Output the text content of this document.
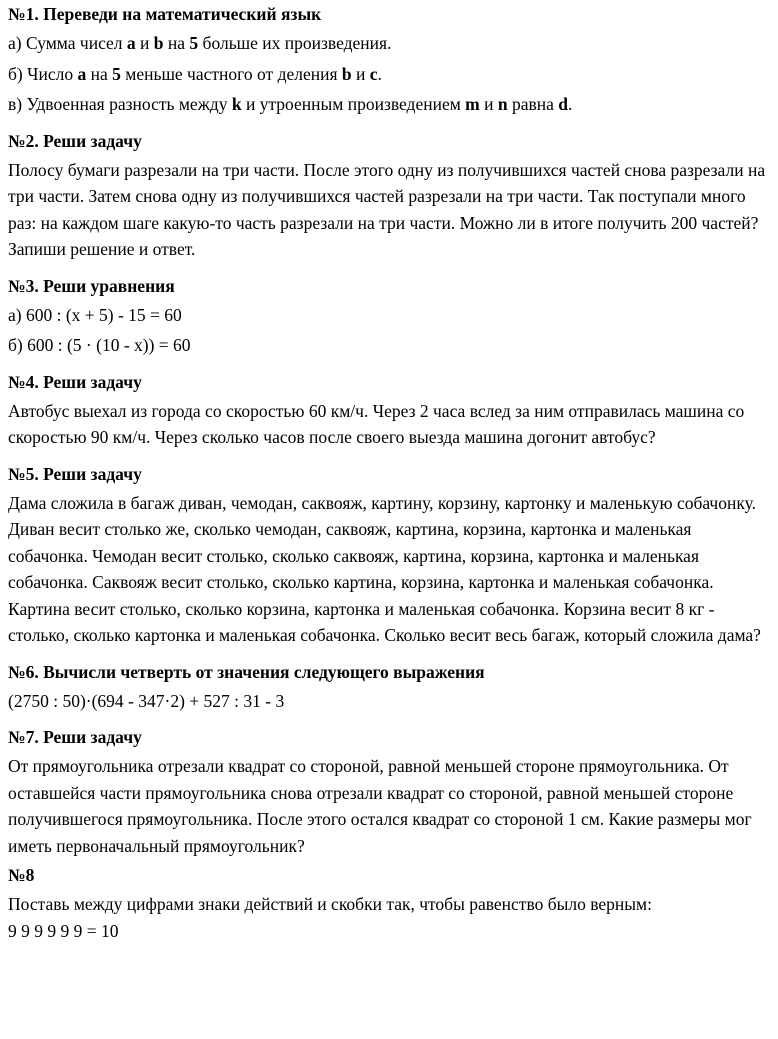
№1. Переведи на математический язык
а) Сумма чисел a и b на 5 больше их произведения.
б) Число a на 5 меньше частного от деления b и c.
в) Удвоенная разность между k и утроенным произведением m и n равна d.
№2. Реши задачу
Полосу бумаги разрезали на три части. После этого одну из получившихся частей снова разрезали на три части. Затем снова одну из получившихся частей разрезали на три части. Так поступали много раз: на каждом шаге какую-то часть разрезали на три части. Можно ли в итоге получить 200 частей? Запиши решение и ответ.
№3. Реши уравнения
а) 600 : (x + 5) - 15 = 60
б) 600 : (5 · (10 - x)) = 60
№4. Реши задачу
Автобус выехал из города со скоростью 60 км/ч. Через 2 часа вслед за ним отправилась машина со скоростью 90 км/ч. Через сколько часов после своего выезда машина догонит автобус?
№5. Реши задачу
Дама сложила в багаж диван, чемодан, саквояж, картину, корзину, картонку и маленькую собачонку. Диван весит столько же, сколько чемодан, саквояж, картина, корзина, картонка и маленькая собачонка. Чемодан весит столько, сколько саквояж, картина, корзина, картонка и маленькая собачонка. Саквояж весит столько, сколько картина, корзина, картонка и маленькая собачонка. Картина весит столько, сколько корзина, картонка и маленькая собачонка. Корзина весит 8 кг - столько, сколько картонка и маленькая собачонка. Сколько весит весь багаж, который сложила дама?
№6. Вычисли четверть от значения следующего выражения
(2750 : 50)·(694 - 347·2) + 527 : 31 - 3
№7. Реши задачу
От прямоугольника отрезали квадрат со стороной, равной меньшей стороне прямоугольника. От оставшейся части прямоугольника снова отрезали квадрат со стороной, равной меньшей стороне получившегося прямоугольника. После этого остался квадрат со стороной 1 см. Какие размеры мог иметь первоначальный прямоугольник?
№8
Поставь между цифрами знаки действий и скобки так, чтобы равенство было верным:
9 9 9 9 9 9 = 10
